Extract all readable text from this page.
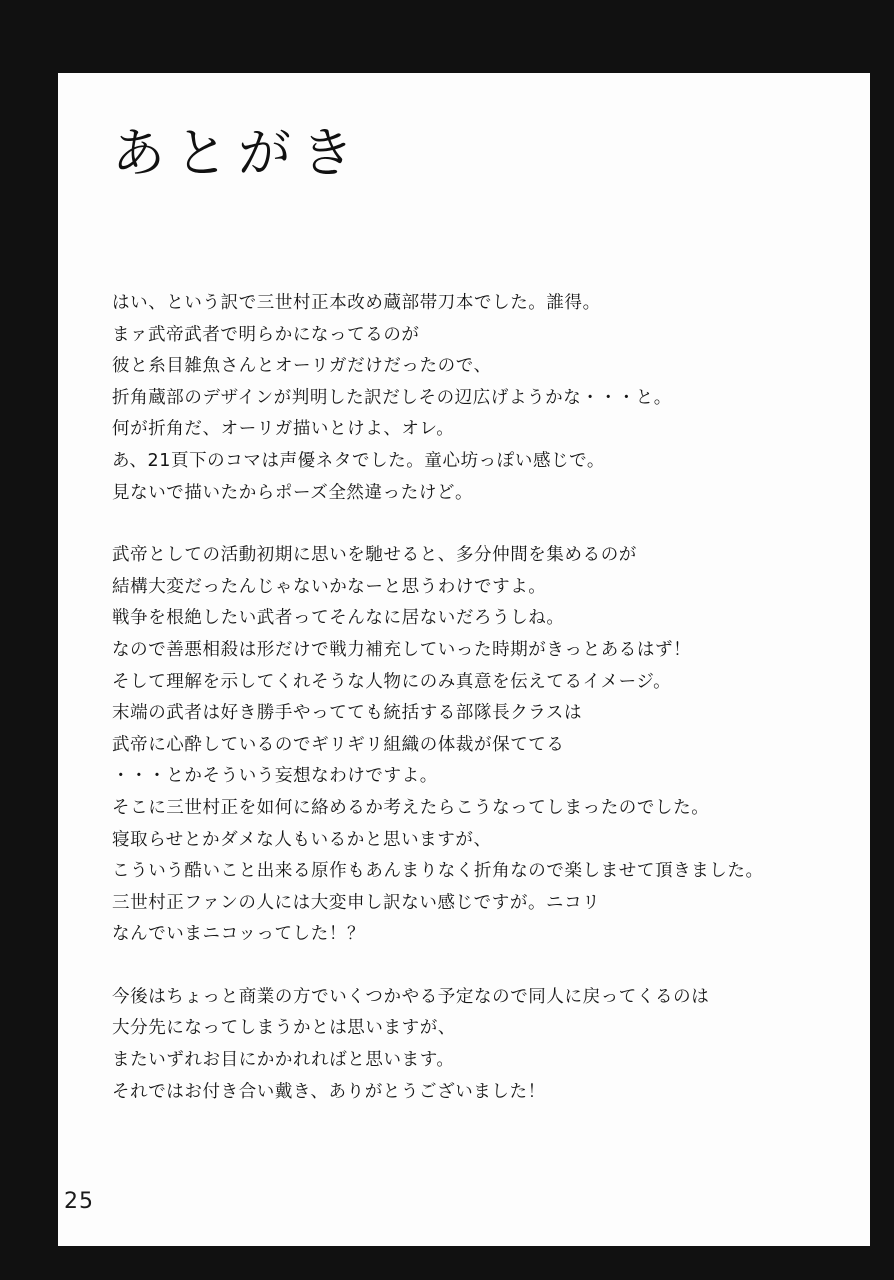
あとがき
はい、という訳で三世村正本改め蔵部帯刀本でした。誰得。
まァ武帝武者で明らかになってるのが
彼と糸目雑魚さんとオーリガだけだったので、
折角蔵部のデザインが判明した訳だしその辺広げようかな・・・と。
何が折角だ、オーリガ描いとけよ、オレ。
あ、21頁下のコマは声優ネタでした。童心坊っぽい感じで。
見ないで描いたからポーズ全然違ったけど。
武帝としての活動初期に思いを馳せると、多分仲間を集めるのが
結構大変だったんじゃないかなーと思うわけですよ。
戦争を根絶したい武者ってそんなに居ないだろうしね。
なので善悪相殺は形だけで戦力補充していった時期がきっとあるはず！
そして理解を示してくれそうな人物にのみ真意を伝えてるイメージ。
末端の武者は好き勝手やってても統括する部隊長クラスは
武帝に心酔しているのでギリギリ組織の体裁が保ててる
・・・とかそういう妄想なわけですよ。
そこに三世村正を如何に絡めるか考えたらこうなってしまったのでした。
寝取らせとかダメな人もいるかと思いますが、
こういう酷いこと出来る原作もあんまりなく折角なので楽しませて頂きました。
三世村正ファンの人には大変申し訳ない感じですが。ニコリ
なんでいまニコッってした！？
今後はちょっと商業の方でいくつかやる予定なので同人に戻ってくるのは
大分先になってしまうかとは思いますが、
またいずれお目にかかれればと思います。
それではお付き合い戴き、ありがとうございました！
25
